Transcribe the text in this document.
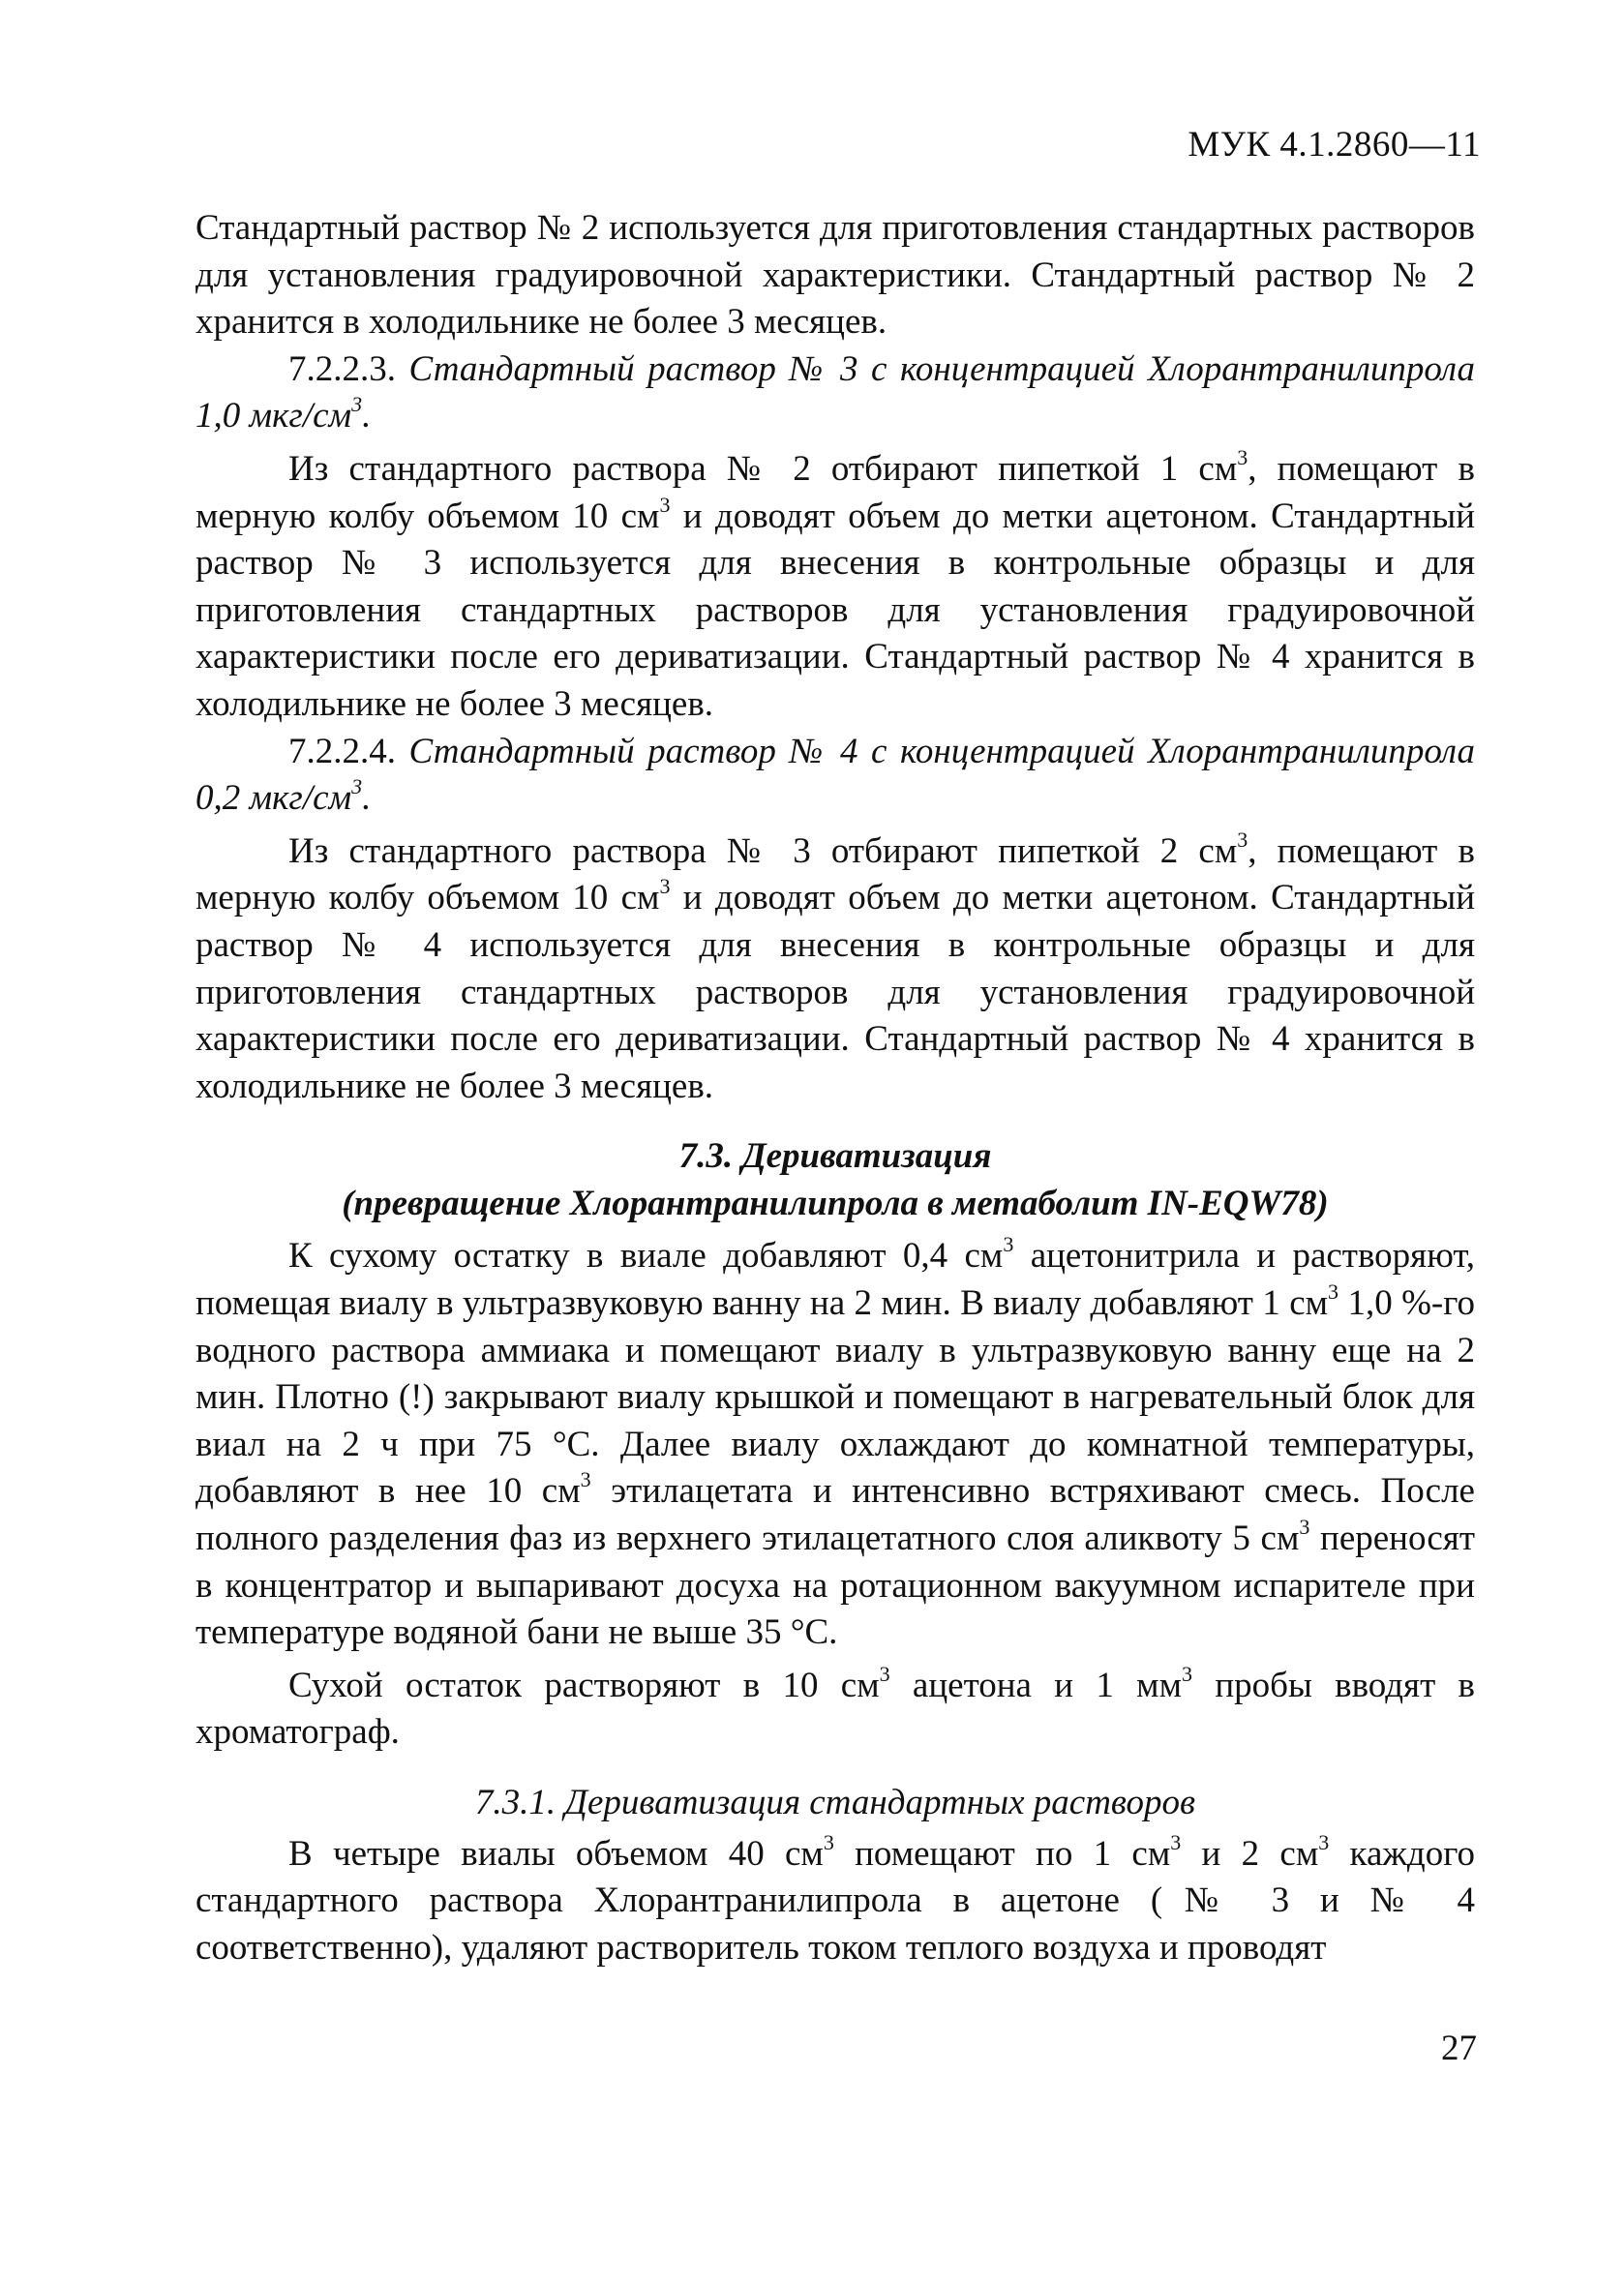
МУК 4.1.2860—11

Стандартный раствор № 2 используется для приготовления стандартных растворов для установления градуировочной характеристики. Стандартный раствор № 2 хранится в холодильнике не более 3 месяцев.

7.2.2.3. Стандартный раствор № 3 с концентрацией Хлорантранилипрола 1,0 мкг/$см^3$.

Из стандартного раствора № 2 отбирают пипеткой 1 $см^3$, помещают в мерную колбу объемом 10 $см^3$ и доводят объем до метки ацетоном. Стандартный раствор № 3 используется для внесения в контрольные образцы и для приготовления стандартных растворов для установления градуировочной характеристики после его дериватизации. Стандартный раствор № 4 хранится в холодильнике не более 3 месяцев.

7.2.2.4. Стандартный раствор № 4 с концентрацией Хлорантранилипрола 0,2 мкг/$см^3$.

Из стандартного раствора № 3 отбирают пипеткой 2 $см^3$, помещают в мерную колбу объемом 10 $см^3$ и доводят объем до метки ацетоном. Стандартный раствор № 4 используется для внесения в контрольные образцы и для приготовления стандартных растворов для установления градуировочной характеристики после его дериватизации. Стандартный раствор № 4 хранится в холодильнике не более 3 месяцев.

7.3. Дериватизация
(превращение Хлорантранилипрола в метаболит IN-EQW78)

К сухому остатку в виале добавляют 0,4 $см^3$ ацетонитрила и растворяют, помещая виалу в ультразвуковую ванну на 2 мин. В виалу добавляют 1 $см^3$ 1,0 %-го водного раствора аммиака и помещают виалу в ультразвуковую ванну еще на 2 мин. Плотно (!) закрывают виалу крышкой и помещают в нагревательный блок для виал на 2 ч при 75 °С. Далее виалу охлаждают до комнатной температуры, добавляют в нее 10 $см^3$ этилацетата и интенсивно встряхивают смесь. После полного разделения фаз из верхнего этилацетатного слоя аликвоту 5 $см^3$ переносят в концентратор и выпаривают досуха на ротационном вакуумном испарителе при температуре водяной бани не выше 35 °С.

Сухой остаток растворяют в 10 $см^3$ ацетона и 1 $мм^3$ пробы вводят в хроматограф.

7.3.1. Дериватизация стандартных растворов

В четыре виалы объемом 40 $см^3$ помещают по 1 $см^3$ и 2 $см^3$ каждого стандартного раствора Хлорантранилипрола в ацетоне (№ 3 и № 4 соответственно), удаляют растворитель током теплого воздуха и проводят

27
